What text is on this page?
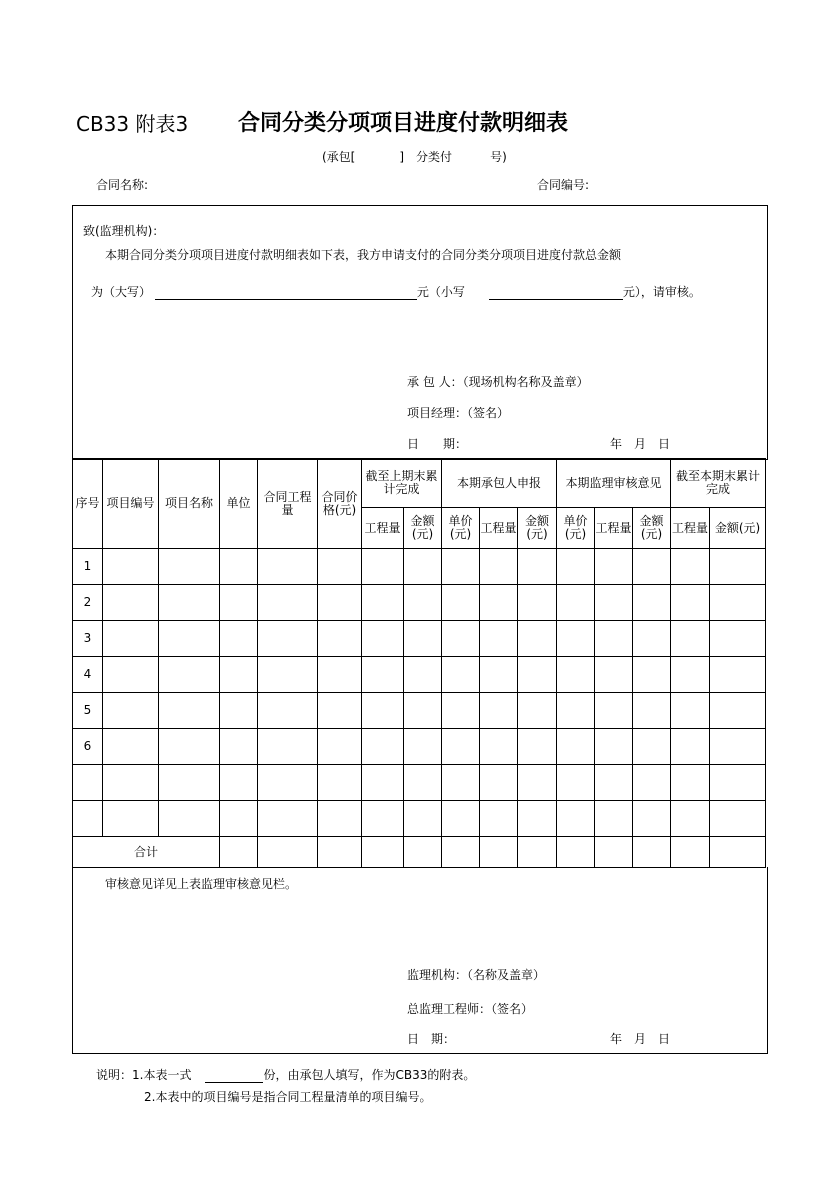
CB33 附表3 合同分类分项项目进度付款明细表
(承包[	]　分类付	号)
合同名称:	合同编号:
致(监理机构)：
本期合同分类分项项目进度付款明细表如下表，我方申请支付的合同分类分项项目进度付款总金额
为（大写）	元（小写	元），请审核。
承 包 人：（现场机构名称及盖章）
项目经理：（签名）
日　　期：	年　月　日
序号	项目编号	项目名称	单位	合同工程量	合同价格(元)	截至上期末累计完成		本期承包人申报			本期监理审核意见			截至本期末累计完成	
						工程量	金额(元)	单价(元)	工程量	金额(元)	单价(元)	工程量	金额(元)	工程量	金额(元)
1															
2															
3															
4															
5															
6															

合计															
审核意见详见上表监理审核意见栏。
监理机构：（名称及盖章）
总监理工程师：（签名）
日　期：	年　月　日
说明：1.本表一式	份，由承包人填写，作为CB33的附表。
2.本表中的项目编号是指合同工程量清单的项目编号。
